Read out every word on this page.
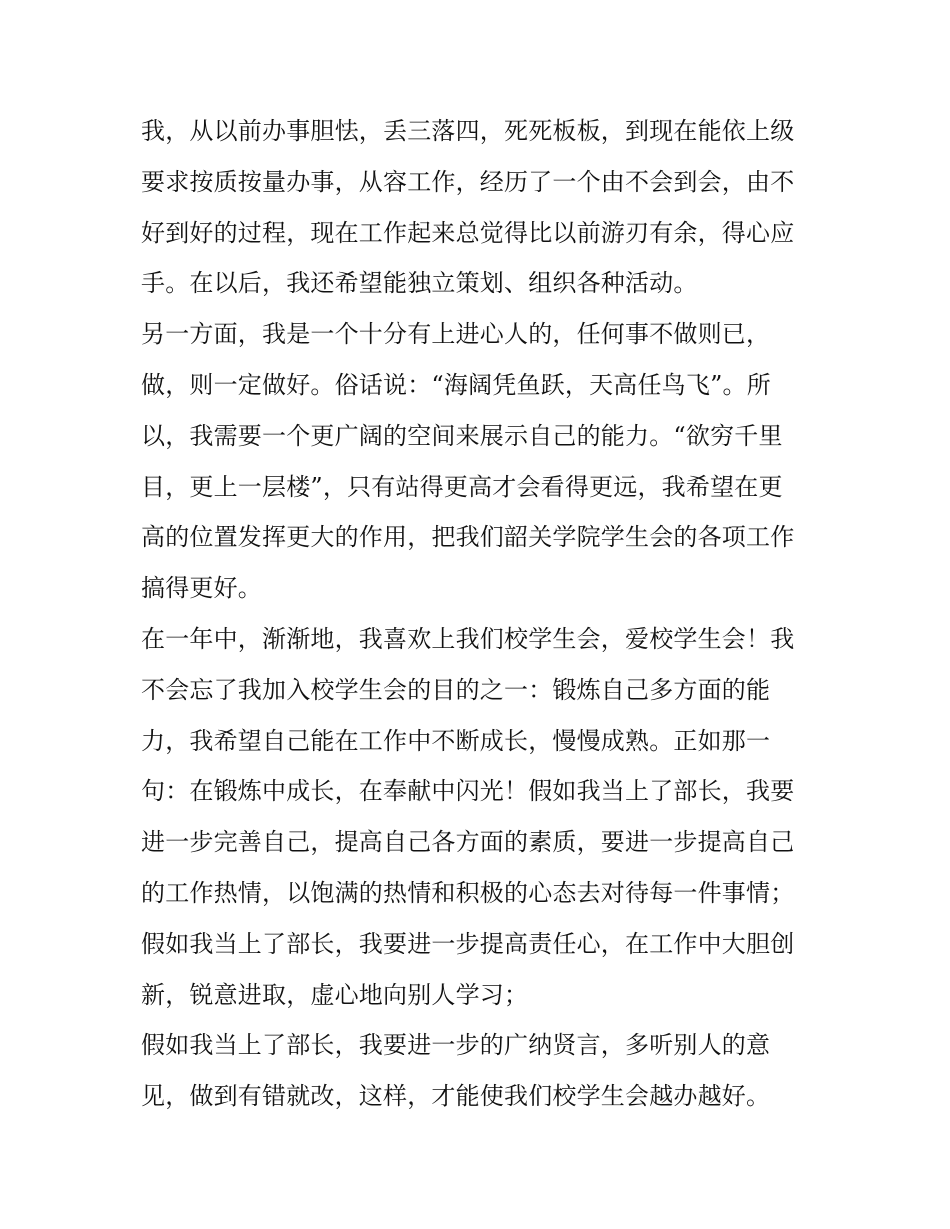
我，从以前办事胆怯，丢三落四，死死板板，到现在能依上级
要求按质按量办事，从容工作，经历了一个由不会到会，由不
好到好的过程，现在工作起来总觉得比以前游刃有余，得心应
手。在以后，我还希望能独立策划、组织各种活动。
另一方面，我是一个十分有上进心人的，任何事不做则已，
做，则一定做好。俗话说：“海阔凭鱼跃，天高任鸟飞”。所
以，我需要一个更广阔的空间来展示自己的能力。“欲穷千里
目，更上一层楼”，只有站得更高才会看得更远，我希望在更
高的位置发挥更大的作用，把我们韶关学院学生会的各项工作
搞得更好。
在一年中，渐渐地，我喜欢上我们校学生会，爱校学生会！我
不会忘了我加入校学生会的目的之一：锻炼自己多方面的能
力，我希望自己能在工作中不断成长，慢慢成熟。正如那一
句：在锻炼中成长，在奉献中闪光！假如我当上了部长，我要
进一步完善自己，提高自己各方面的素质，要进一步提高自己
的工作热情，以饱满的热情和积极的心态去对待每一件事情；
假如我当上了部长，我要进一步提高责任心，在工作中大胆创
新，锐意进取，虚心地向别人学习；
假如我当上了部长，我要进一步的广纳贤言，多听别人的意
见，做到有错就改，这样，才能使我们校学生会越办越好。
